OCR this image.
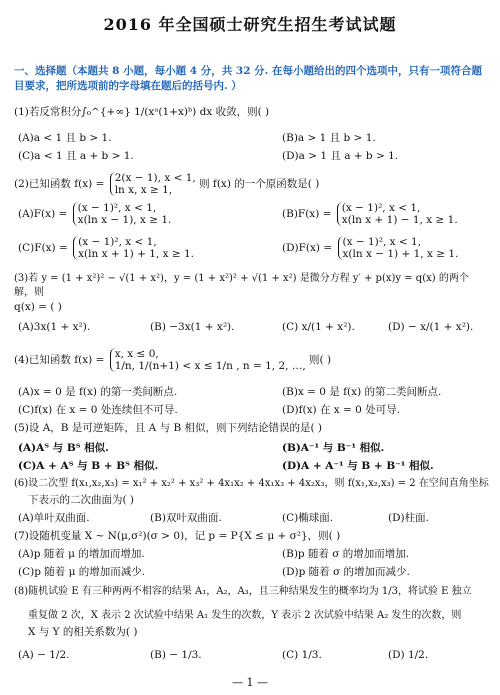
2016 年全国硕士研究生招生考试试题
一、选择题（本题共 8 小题，每小题 4 分，共 32 分. 在每小题给出的四个选项中，只有一项符合题目要求，把所选项前的字母填在题后的括号内. ）
(1)若反常积分∫₀^{+∞} 1/(xᵃ(1+x)ᵇ) dx 收敛，则( )
(A)a < 1 且 b > 1.	(B)a > 1 且 b > 1.
(C)a < 1 且 a + b > 1.	(D)a > 1 且 a + b > 1.
(2)已知函数 f(x) = 2(x − 1), x < 1,
ln x, x ≥ 1,	则 f(x) 的一个原函数是( )
(A)F(x) = (x − 1)², x < 1,
x(ln x − 1), x ≥ 1.	(B)F(x) = (x − 1)², x < 1,
x(ln x + 1) − 1, x ≥ 1.
(C)F(x) = (x − 1)², x < 1,
x(ln x + 1) + 1, x ≥ 1.	(D)F(x) = (x − 1)², x < 1,
x(ln x − 1) + 1, x ≥ 1.
(3)若 y = (1 + x²)² − √(1 + x²)，y = (1 + x²)² + √(1 + x²) 是微分方程 y′ + p(x)y = q(x) 的两个解，则
q(x) = ( )
(A)3x(1 + x²).	(B) −3x(1 + x²).	(C) x/(1 + x²).	(D) − x/(1 + x²).
(4)已知函数 f(x) = x, x ≤ 0,
1/n, 1/(n+1) < x ≤ 1/n , n = 1, 2, …, 则( )
(A)x = 0 是 f(x) 的第一类间断点.	(B)x = 0 是 f(x) 的第二类间断点.
(C)f(x) 在 x = 0 处连续但不可导.	(D)f(x) 在 x = 0 处可导.
(5)设 A，B 是可逆矩阵，且 A 与 B 相似，则下列结论错误的是( )
(A)Aᵀ 与 Bᵀ 相似.	(B)A⁻¹ 与 B⁻¹ 相似.
(C)A + Aᵀ 与 B + Bᵀ 相似.	(D)A + A⁻¹ 与 B + B⁻¹ 相似.
(6)设二次型 f(x₁,x₂,x₃) = x₁² + x₂² + x₃² + 4x₁x₂ + 4x₁x₃ + 4x₂x₃，则 f(x₁,x₂,x₃) = 2 在空间直角坐标
下表示的二次曲面为( )
(A)单叶双曲面.	(B)双叶双曲面.	(C)椭球面.	(D)柱面.
(7)设随机变量 X ~ N(μ,σ²)(σ > 0)，记 p = P{X ≤ μ + σ²}，则( )
(A)p 随着 μ 的增加而增加.	(B)p 随着 σ 的增加而增加.
(C)p 随着 μ 的增加而减少.	(D)p 随着 σ 的增加而减少.
(8)随机试验 E 有三种两两不相容的结果 A₁，A₂，A₃，且三种结果发生的概率均为 1/3，将试验 E 独立
重复做 2 次，X 表示 2 次试验中结果 A₁ 发生的次数，Y 表示 2 次试验中结果 A₂ 发生的次数，则
X 与 Y 的相关系数为( )
(A) − 1/2.	(B) − 1/3.	(C) 1/3.	(D) 1/2.
— 1 —
